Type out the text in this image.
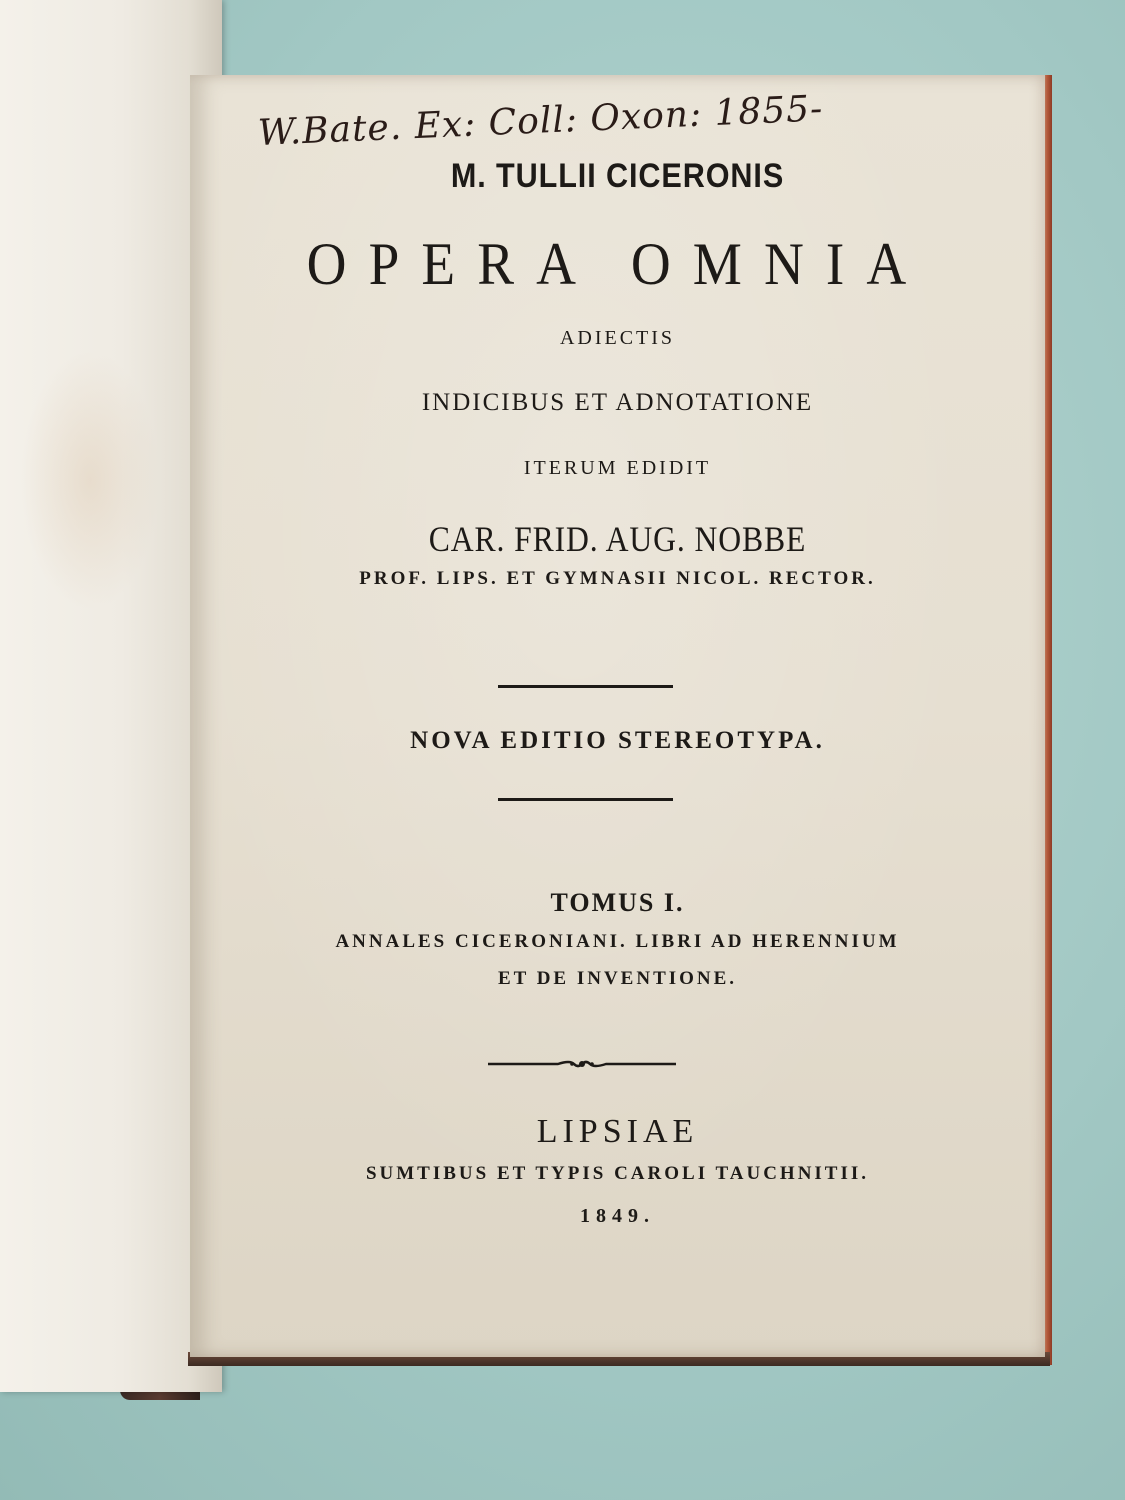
W.Bate. Ex: Coll: Oxon: 1855-
M. TULLII CICERONIS
OPERA OMNIA
ADIECTIS
INDICIBUS ET ADNOTATIONE
ITERUM EDIDIT
CAR. FRID. AUG. NOBBE
PROF. LIPS. ET GYMNASII NICOL. RECTOR.
NOVA EDITIO STEREOTYPA.
TOMUS I.
ANNALES CICERONIANI. LIBRI AD HERENNIUM
ET DE INVENTIONE.
LIPSIAE
SUMTIBUS ET TYPIS CAROLI TAUCHNITII.
1849.
